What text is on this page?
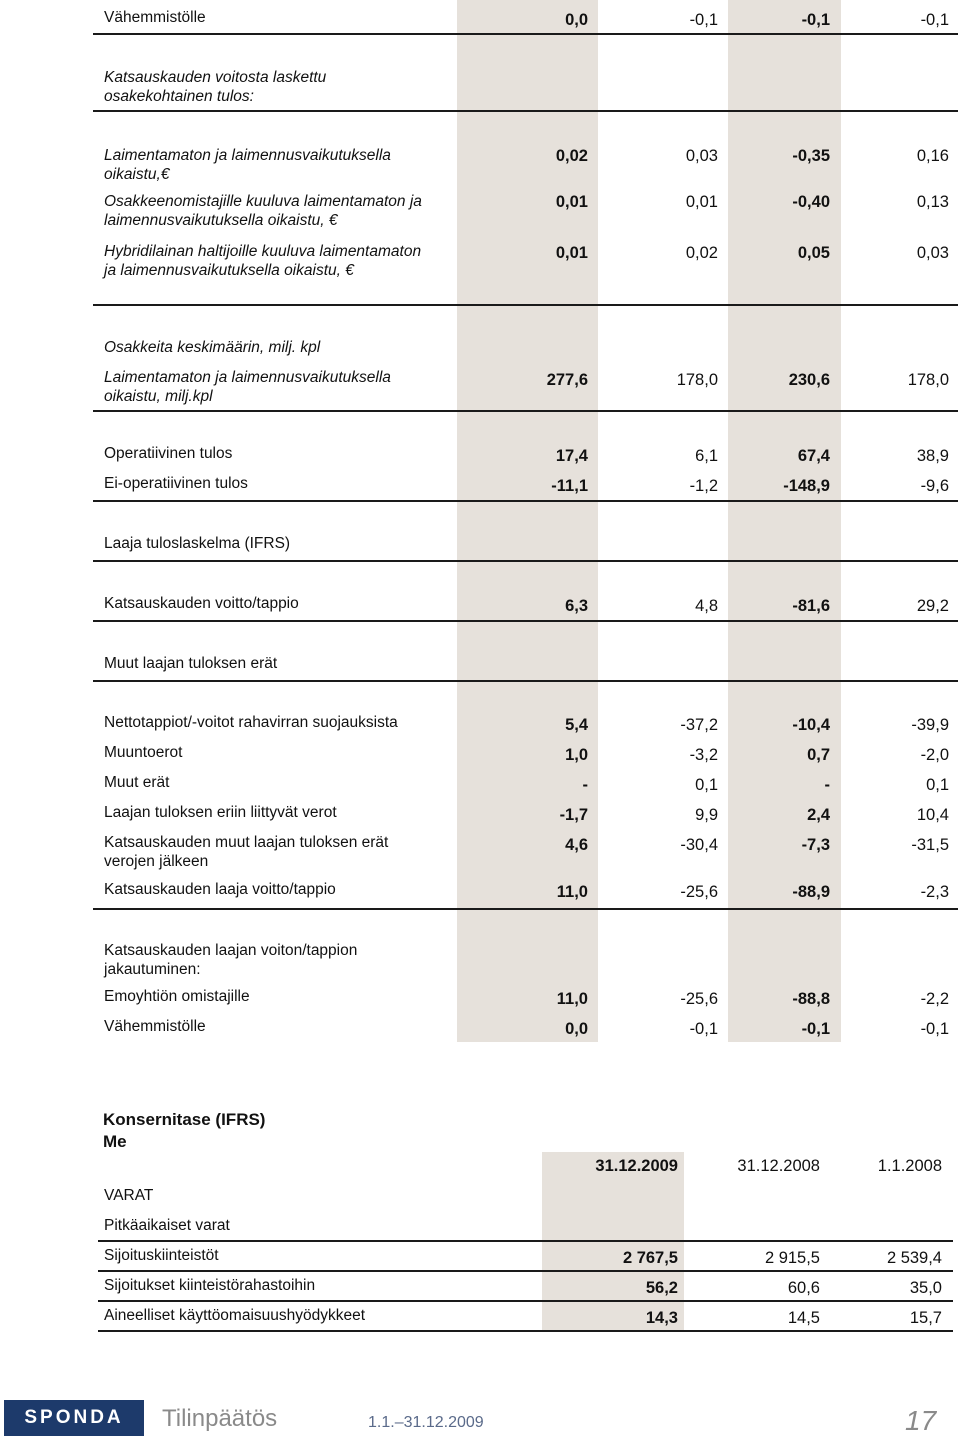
Vähemmistölle	0,0	-0,1	-0,1	-0,1
Katsauskauden voitosta laskettu osakekohtainen tulos:
Laimentamaton ja laimennusvaikutuksella oikaistu,€
0,02	0,03	-0,35	0,16
Osakkeenomistajille kuuluva laimentamaton ja laimennusvaikutuksella oikaistu, €
0,01	0,01	-0,40	0,13
Hybridilainan haltijoille kuuluva laimentamaton ja laimennusvaikutuksella oikaistu, €
0,01	0,02	0,05	0,03
Osakkeita keskimäärin, milj. kpl
Laimentamaton ja laimennusvaikutuksella oikaistu, milj.kpl
277,6	178,0	230,6	178,0
Operatiivinen tulos	17,4	6,1	67,4	38,9
Ei-operatiivinen tulos	-11,1	-1,2	-148,9	-9,6
Laaja tuloslaskelma (IFRS)
Katsauskauden voitto/tappio	6,3	4,8	-81,6	29,2
Muut laajan tuloksen erät
Nettotappiot/-voitot rahavirran suojauksista	5,4	-37,2	-10,4	-39,9
Muuntoerot	1,0	-3,2	0,7	-2,0
Muut erät	-	0,1	-	0,1
Laajan tuloksen eriin liittyvät verot	-1,7	9,9	2,4	10,4
Katsauskauden muut laajan tuloksen erät verojen jälkeen
4,6	-30,4	-7,3	-31,5
Katsauskauden laaja voitto/tappio	11,0	-25,6	-88,9	-2,3
Katsauskauden laajan voiton/tappion jakautuminen:
Emoyhtiön omistajille	11,0	-25,6	-88,8	-2,2
Vähemmistölle	0,0	-0,1	-0,1	-0,1
Konsernitase (IFRS)
Me
31.12.2009	31.12.2008	1.1.2008
VARAT
Pitkäaikaiset varat
Sijoituskiinteistöt	2 767,5	2 915,5	2 539,4
Sijoitukset kiinteistörahastoihin	56,2	60,6	35,0
Aineelliset käyttöomaisuushyödykkeet	14,3	14,5	15,7
SPONDA	Tilinpäätös	1.1.–31.12.2009	17
